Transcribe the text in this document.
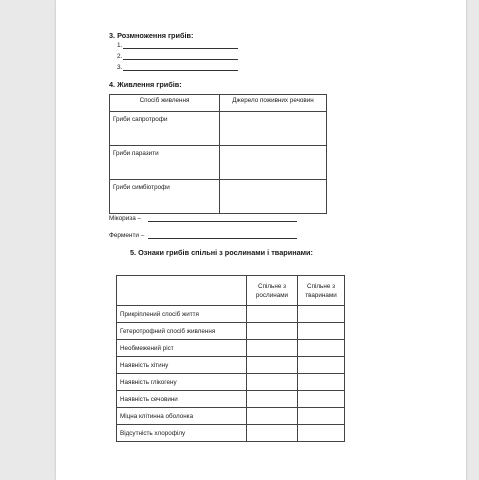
3. Розмноження грибів:
1.
2.
3.
4. Живлення грибів:
Спосіб живлення	Джерело поживних речовин
Гриби сапротрофи	
Гриби паразити	
Гриби симбіотрофи	
Мікориза –
Ферменти –
5. Ознаки грибів спільні з рослинами і тваринами:
	Спільне з рослинами	Спільне з тваринами
Прикріплений спосіб життя		
Гетеротрофний спосіб живлення		
Необмежений ріст		
Наявність хітину		
Наявність глікогену		
Наявність сечовини		
Міцна клітинна оболонка		
Відсутність хлорофілу		
